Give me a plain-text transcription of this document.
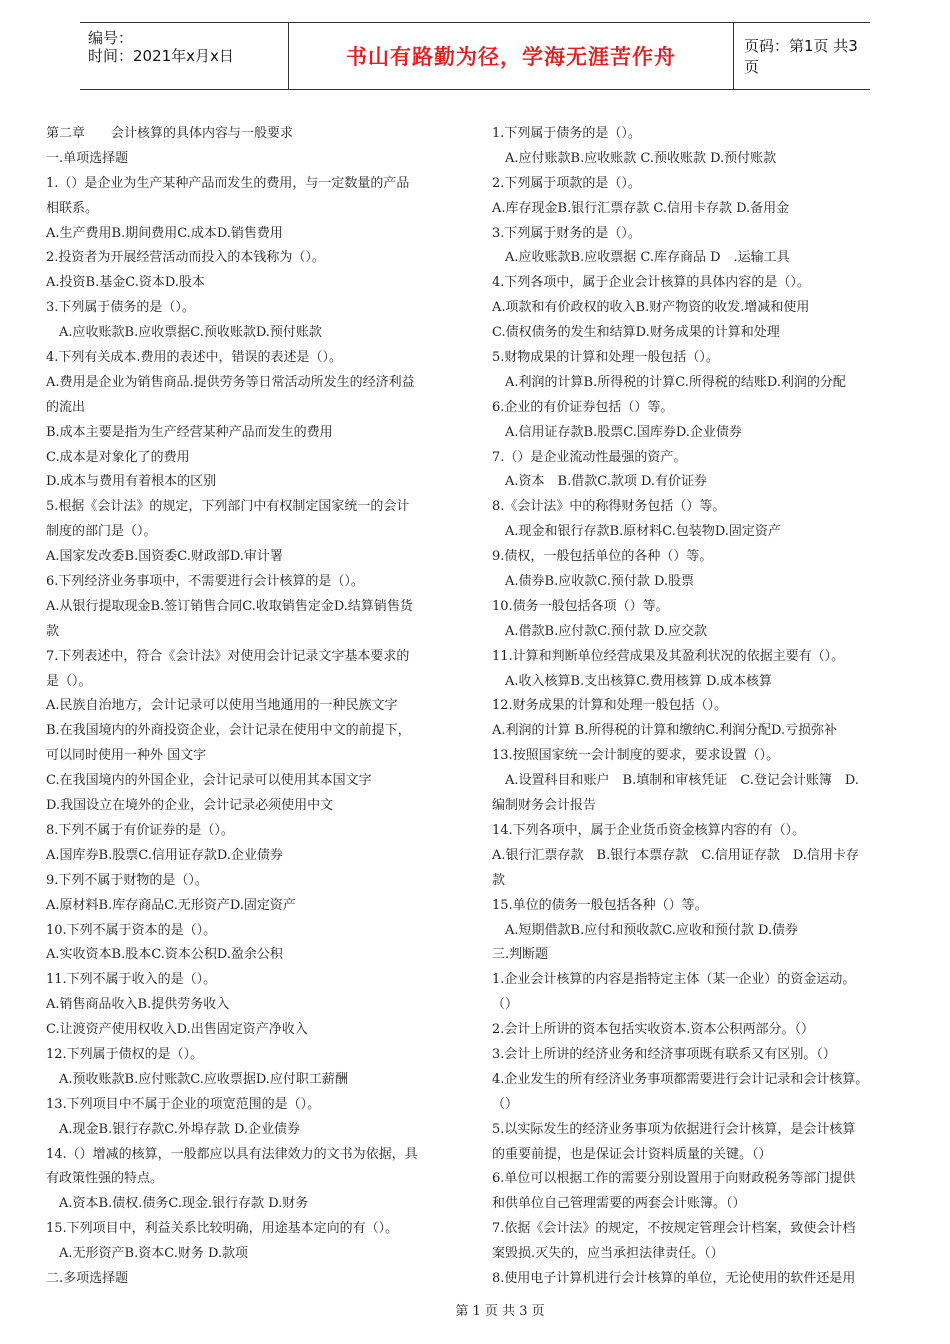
编号：
时间：2021年x月x日	书山有路勤为径，学海无涯苦作舟	页码：第1页 共3页
第二章　　会计核算的具体内容与一般要求
一.单项选择题
1.（）是企业为生产某种产品而发生的费用，与一定数量的产品
相联系。
A.生产费用B.期间费用C.成本D.销售费用
2.投资者为开展经营活动而投入的本钱称为（）。
A.投资B.基金C.资本D.股本
3.下列属于债务的是（）。
A.应收账款B.应收票据C.预收账款D.预付账款
4.下列有关成本.费用的表述中，错误的表述是（）。
A.费用是企业为销售商品.提供劳务等日常活动所发生的经济利益
的流出
B.成本主要是指为生产经营某种产品而发生的费用
C.成本是对象化了的费用
D.成本与费用有着根本的区别
5.根据《会计法》的规定，下列部门中有权制定国家统一的会计
制度的部门是（）。
A.国家发改委B.国资委C.财政部D.审计署
6.下列经济业务事项中，不需要进行会计核算的是（）。
A.从银行提取现金B.签订销售合同C.收取销售定金D.结算销售货
款
7.下列表述中，符合《会计法》对使用会计记录文字基本要求的
是（）。
A.民族自治地方，会计记录可以使用当地通用的一种民族文字
B.在我国境内的外商投资企业，会计记录在使用中文的前提下，
可以同时使用一种外 国文字
C.在我国境内的外国企业，会计记录可以使用其本国文字
D.我国设立在境外的企业，会计记录必须使用中文
8.下列不属于有价证券的是（）。
A.国库券B.股票C.信用证存款D.企业债券
9.下列不属于财物的是（）。
A.原材料B.库存商品C.无形资产D.固定资产
10.下列不属于资本的是（）。
A.实收资本B.股本C.资本公积D.盈余公积
11.下列不属于收入的是（）。
A.销售商品收入B.提供劳务收入
C.让渡资产使用权收入D.出售固定资产净收入
12.下列属于债权的是（）。
A.预收账款B.应付账款C.应收票据D.应付职工薪酬
13.下列项目中不属于企业的项宽范围的是（）。
A.现金B.银行存款C.外埠存款 D.企业债券
14.（）增减的核算，一般都应以具有法律效力的文书为依据，具
有政策性强的特点。
A.资本B.债权.债务C.现金.银行存款 D.财务
15.下列项目中，利益关系比较明确，用途基本定向的有（）。
A.无形资产B.资本C.财务 D.款项
二.多项选择题
1.下列属于债务的是（）。
A.应付账款B.应收账款 C.预收账款 D.预付账款
2.下列属于项款的是（）。
A.库存现金B.银行汇票存款 C.信用卡存款 D.备用金
3.下列属于财务的是（）。
A.应收账款B.应收票据 C.库存商品 D　.运输工具
4.下列各项中，属于企业会计核算的具体内容的是（）。
A.项款和有价政权的收入B.财产物资的收发.增减和使用
C.债权债务的发生和结算D.财务成果的计算和处理
5.财物成果的计算和处理一般包括（）。
A.利润的计算B.所得税的计算C.所得税的结账D.利润的分配
6.企业的有价证券包括（）等。
A.信用证存款B.股票C.国库券D.企业债券
7.（）是企业流动性最强的资产。
A.资本　B.借款C.款项 D.有价证券
8.《会计法》中的称得财务包括（）等。
A.现金和银行存款B.原材料C.包装物D.固定资产
9.债权，一般包括单位的各种（）等。
A.债券B.应收款C.预付款 D.股票
10.债务一般包括各项（）等。
A.借款B.应付款C.预付款 D.应交款
11.计算和判断单位经营成果及其盈利状况的依据主要有（）。
A.收入核算B.支出核算C.费用核算 D.成本核算
12.财务成果的计算和处理一般包括（）。
A.利润的计算 B.所得税的计算和缴纳C.利润分配D.亏损弥补
13.按照国家统一会计制度的要求，要求设置（）。
A.设置科目和账户　B.填制和审核凭证　C.登记会计账簿　D.
编制财务会计报告
14.下列各项中，属于企业货币资金核算内容的有（）。
A.银行汇票存款　B.银行本票存款　C.信用证存款　D.信用卡存
款
15.单位的债务一般包括各种（）等。
A.短期借款B.应付和预收款C.应收和预付款 D.债券
三.判断题
1.企业会计核算的内容是指特定主体（某一企业）的资金运动。
（）
2.会计上所讲的资本包括实收资本.资本公积两部分。（）
3.会计上所讲的经济业务和经济事项既有联系又有区别。（）
4.企业发生的所有经济业务事项都需要进行会计记录和会计核算。
（）
5.以实际发生的经济业务事项为依据进行会计核算，是会计核算
的重要前提，也是保证会计资料质量的关键。（）
6.单位可以根据工作的需要分别设置用于向财政税务等部门提供
和供单位自己管理需要的两套会计账簿。（）
7.依据《会计法》的规定，不按规定管理会计档案，致使会计档
案毁损.灭失的，应当承担法律责任。（）
8.使用电子计算机进行会计核算的单位，无论使用的软件还是用
第 1 页 共 3 页
